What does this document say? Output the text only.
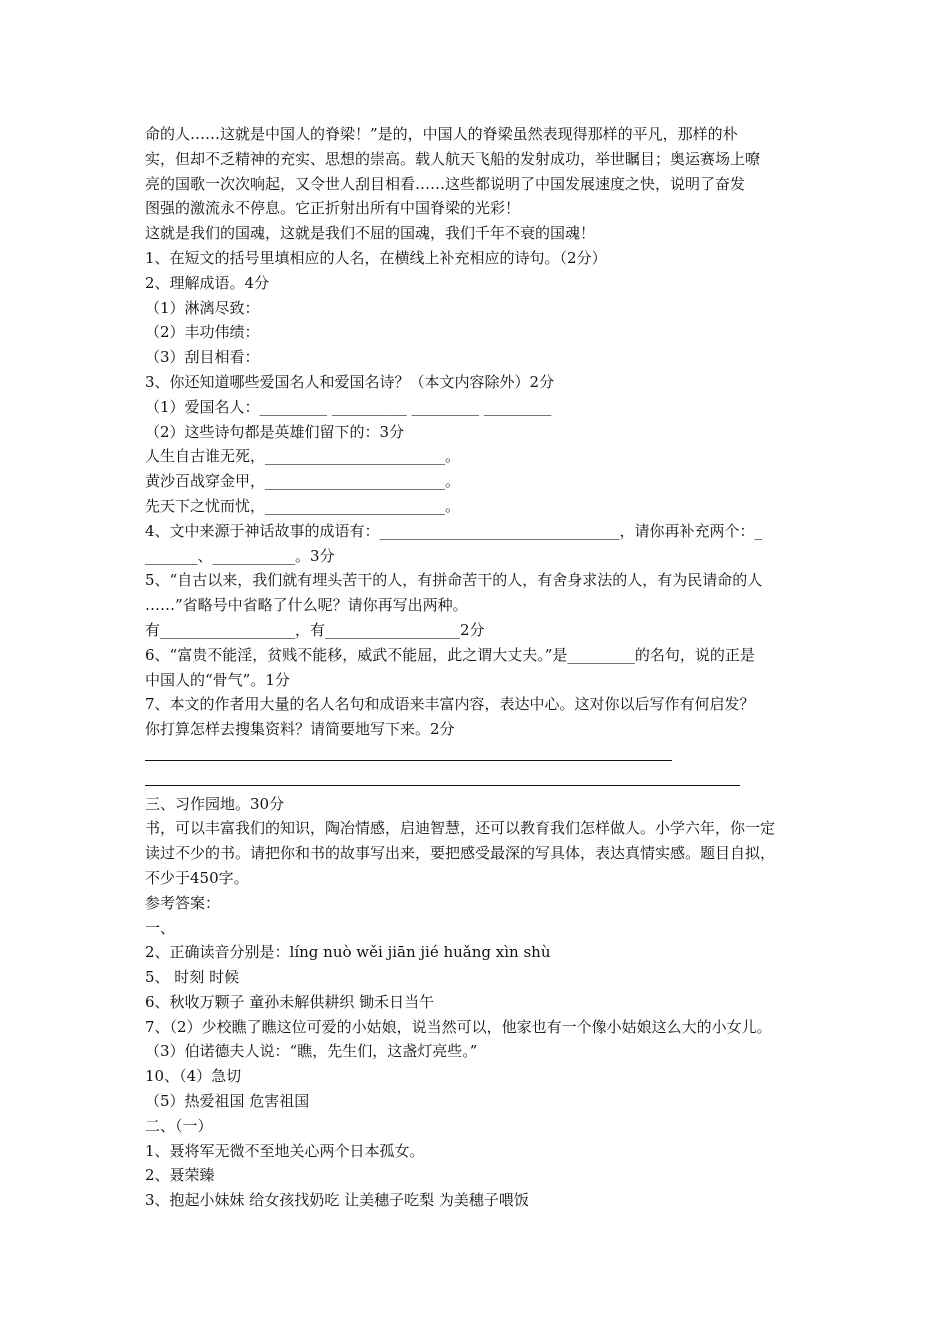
命的人……这就是中国人的脊梁！”是的，中国人的脊梁虽然表现得那样的平凡，那样的朴
实，但却不乏精神的充实、思想的崇高。载人航天飞船的发射成功，举世瞩目；奥运赛场上嘹
亮的国歌一次次响起，又令世人刮目相看……这些都说明了中国发展速度之快，说明了奋发
图强的激流永不停息。它正折射出所有中国脊梁的光彩！
这就是我们的国魂，这就是我们不屈的国魂，我们千年不衰的国魂！
1、在短文的括号里填相应的人名，在横线上补充相应的诗句。（2分）
2、理解成语。4分
（1）淋漓尽致：
（2）丰功伟绩：
（3）刮目相看：
3、你还知道哪些爱国名人和爱国名诗？（本文内容除外）2分
（1）爱国名人：_________ __________ _________ _________
（2）这些诗句都是英雄们留下的：3分
人生自古谁无死，________________________。
黄沙百战穿金甲，________________________。
先天下之忧而忧，________________________。
4、文中来源于神话故事的成语有：________________________________，请你再补充两个：_
_______、___________。3分
5、“自古以来，我们就有埋头苦干的人，有拼命苦干的人，有舍身求法的人，有为民请命的人
……”省略号中省略了什么呢？请你再写出两种。
有__________________，有__________________2分
6、“富贵不能淫，贫贱不能移，威武不能屈，此之谓大丈夫。”是_________的名句，说的正是
中国人的“骨气”。1分
7、本文的作者用大量的名人名句和成语来丰富内容，表达中心。这对你以后写作有何启发？
你打算怎样去搜集资料？请简要地写下来。2分
三、习作园地。30分
书，可以丰富我们的知识，陶冶情感，启迪智慧，还可以教育我们怎样做人。小学六年，你一定
读过不少的书。请把你和书的故事写出来，要把感受最深的写具体，表达真情实感。题目自拟，
不少于450字。
参考答案：
一、
2、正确读音分别是：líng nuò wěi jiān jié huǎng xìn shù
5、 时刻 时候
6、秋收万颗子 童孙未解供耕织 锄禾日当午
7、（2）少校瞧了瞧这位可爱的小姑娘，说当然可以，他家也有一个像小姑娘这么大的小女儿。
（3）伯诺德夫人说：“瞧，先生们，这盏灯亮些。”
10、（4）急切
（5）热爱祖国 危害祖国
二、（一）
1、聂将军无微不至地关心两个日本孤女。
2、聂荣臻
3、抱起小妹妹 给女孩找奶吃 让美穗子吃梨 为美穗子喂饭
